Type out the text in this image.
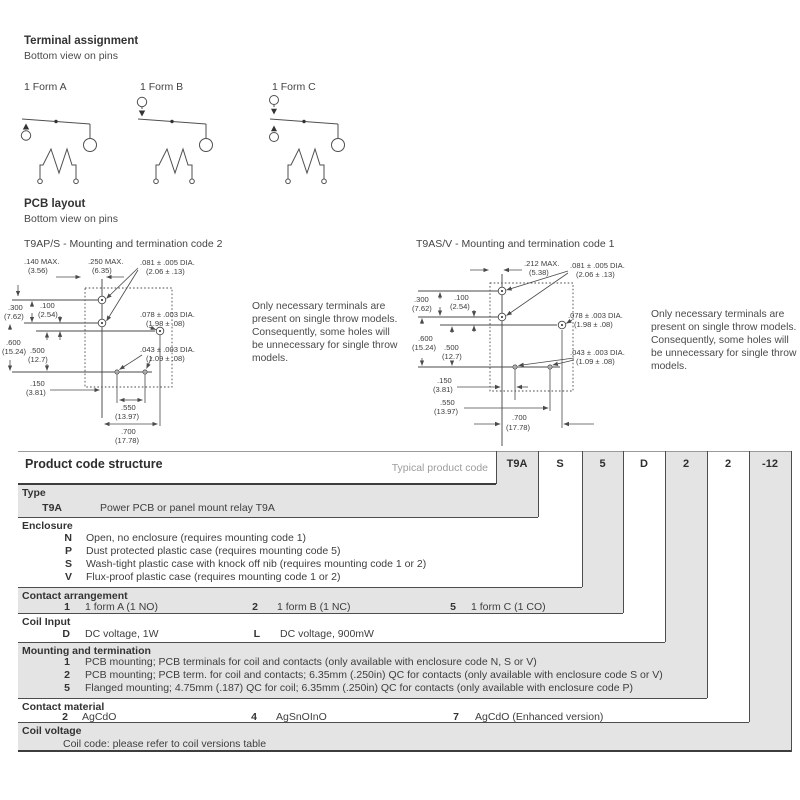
Terminal assignment
Bottom view on pins
1 Form A	1 Form B	1 Form C
PCB layout
Bottom view on pins
T9AP/S - Mounting and termination code 2	T9AS/V - Mounting and termination code 1
.140 MAX.
(3.56)
.250 MAX.
(6.35)
.081 ± .005 DIA.
(2.06 ± .13)
.300
(7.62)
.100
(2.54)	.078 ± .003 DIA.
(1.98 ± .08)
.600
(15.24) .500
(12.7)
.043 ± .003 DIA.
(1.09 ± .08)
.150
(3.81)
.550
(13.97)
.700
(17.78)
Only necessary terminals are
present on single throw models.
Consequently, some holes will
be unnecessary for single throw
models.
.212 MAX.
(5.38)
.081 ± .005 DIA.
(2.06 ± .13)
.300
(7.62)
.100
(2.54)
.078 ± .003 DIA.
(1.98 ± .08)
.600
(15.24) .500
(12.7)	.043 ± .003 DIA.
(1.09 ± .08)
.150
(3.81)
.550
(13.97)
.700
(17.78)
Only necessary terminals are
present on single throw models.
Consequently, some holes will
be unnecessary for single throw
models.
Product code structure	Typical product code	T9A	S	5	D	2	2	-12
Type
T9A	Power PCB or panel mount relay T9A
Enclosure
N Open, no enclosure (requires mounting code 1)
P Dust protected plastic case (requires mounting code 5)
S Wash-tight plastic case with knock off nib (requires mounting code 1 or 2)
V Flux-proof plastic case (requires mounting code 1 or 2)
Contact arrangement
1 1 form A (1 NO)	2 1 form B (1 NC)	5 1 form C (1 CO)
Coil Input
D DC voltage, 1W	L DC voltage, 900mW
Mounting and termination
1 PCB mounting; PCB terminals for coil and contacts (only available with enclosure code N, S or V)
2 PCB mounting; PCB term. for coil and contacts; 6.35mm (.250in) QC for contacts (only available with enclosure code S or V)
5 Flanged mounting; 4.75mm (.187) QC for coil; 6.35mm (.250in) QC for contacts (only available with enclosure code P)
Contact material
2 AgCdO	4 AgSnOInO	7 AgCdO (Enhanced version)
Coil voltage
Coil code: please refer to coil versions table
